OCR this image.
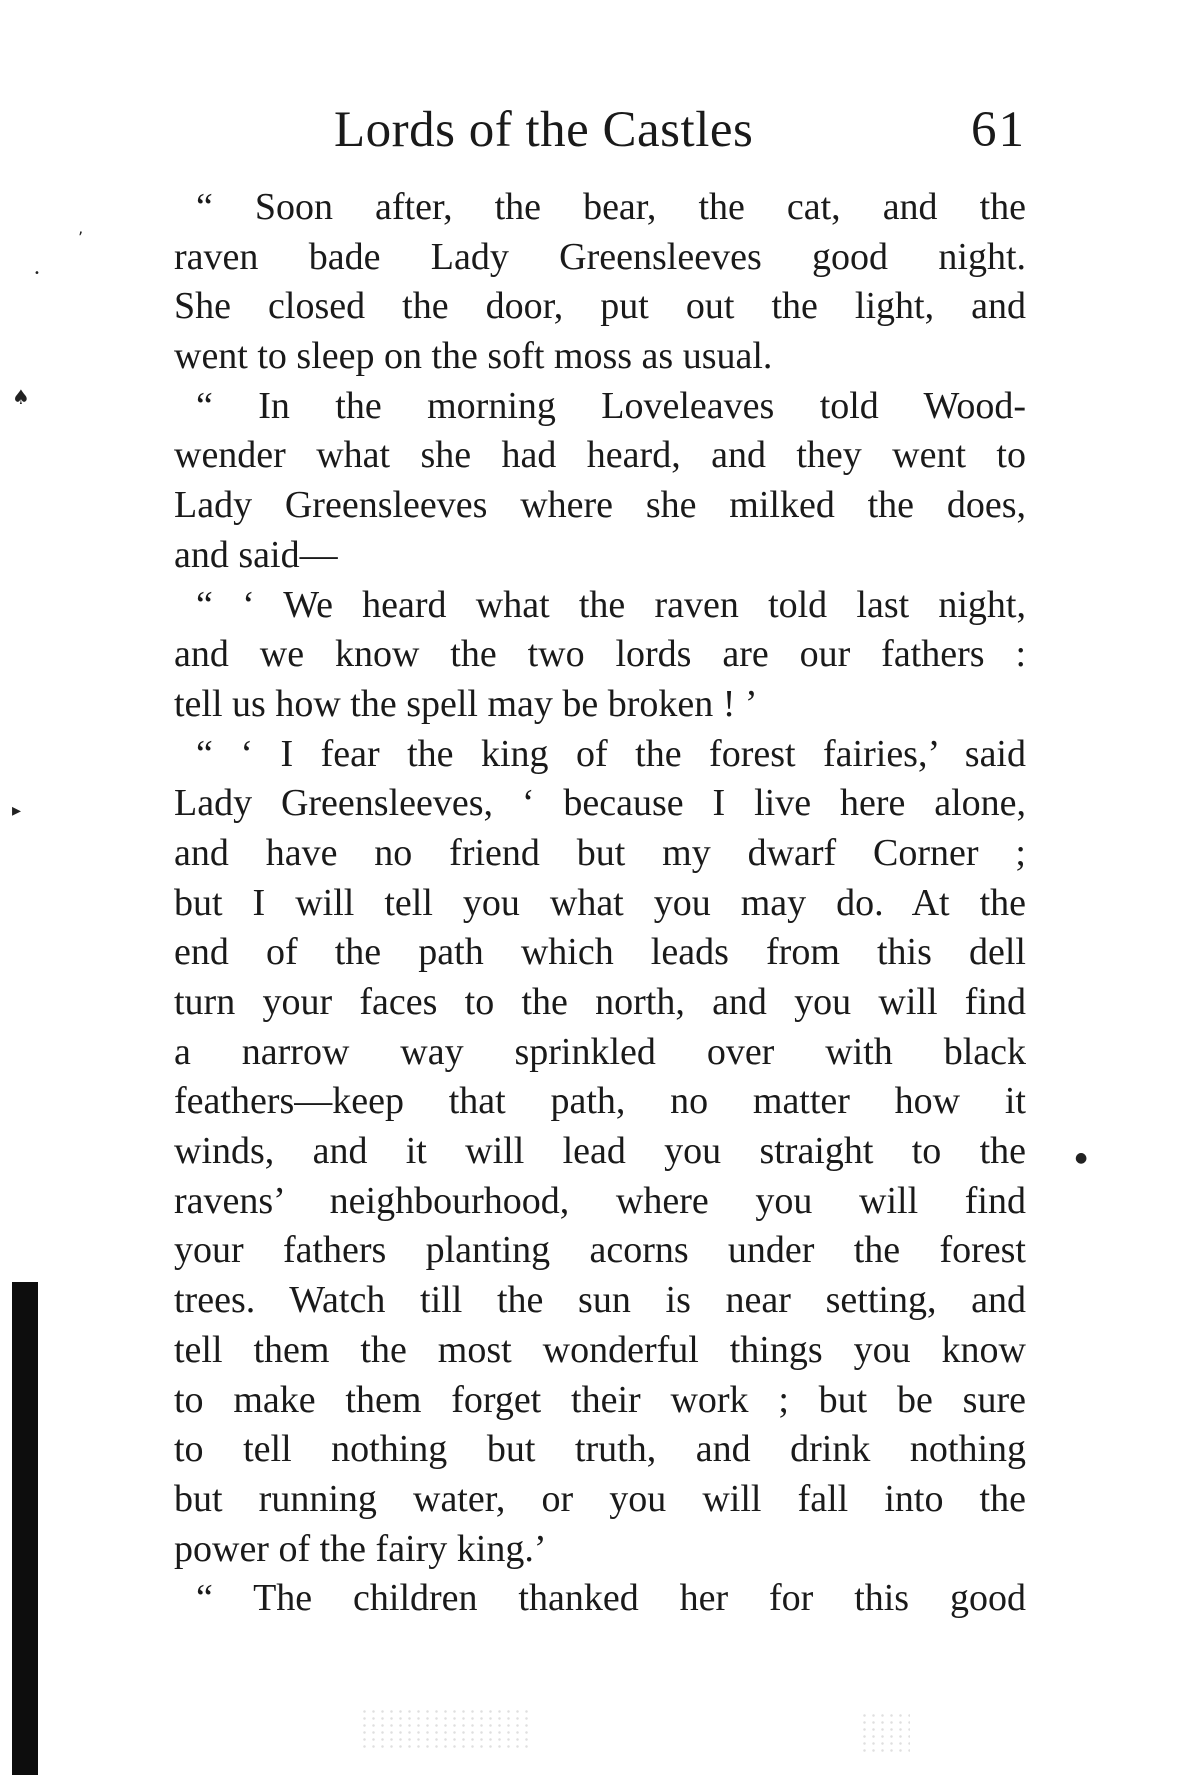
Lords of the Castles	61
“ Soon after, the bear, the cat, and the
raven bade Lady Greensleeves good night.
She closed the door, put out the light, and
went to sleep on the soft moss as usual.
“ In the morning Loveleaves told Wood-
wender what she had heard, and they went to
Lady Greensleeves where she milked the does,
and said—
“ ‘ We heard what the raven told last night,
and we know the two lords are our fathers :
tell us how the spell may be broken ! ’
“ ‘ I fear the king of the forest fairies,’ said
Lady Greensleeves, ‘ because I live here alone,
and have no friend but my dwarf Corner ;
but I will tell you what you may do. At the
end of the path which leads from this dell
turn your faces to the north, and you will find
a narrow way sprinkled over with black
feathers—keep that path, no matter how it
winds, and it will lead you straight to the
ravens’ neighbourhood, where you will find
your fathers planting acorns under the forest
trees. Watch till the sun is near setting, and
tell them the most wonderful things you know
to make them forget their work ; but be sure
to tell nothing but truth, and drink nothing
but running water, or you will fall into the
power of the fairy king.’
“ The children thanked her for this good
’
•
♠
▸
●
